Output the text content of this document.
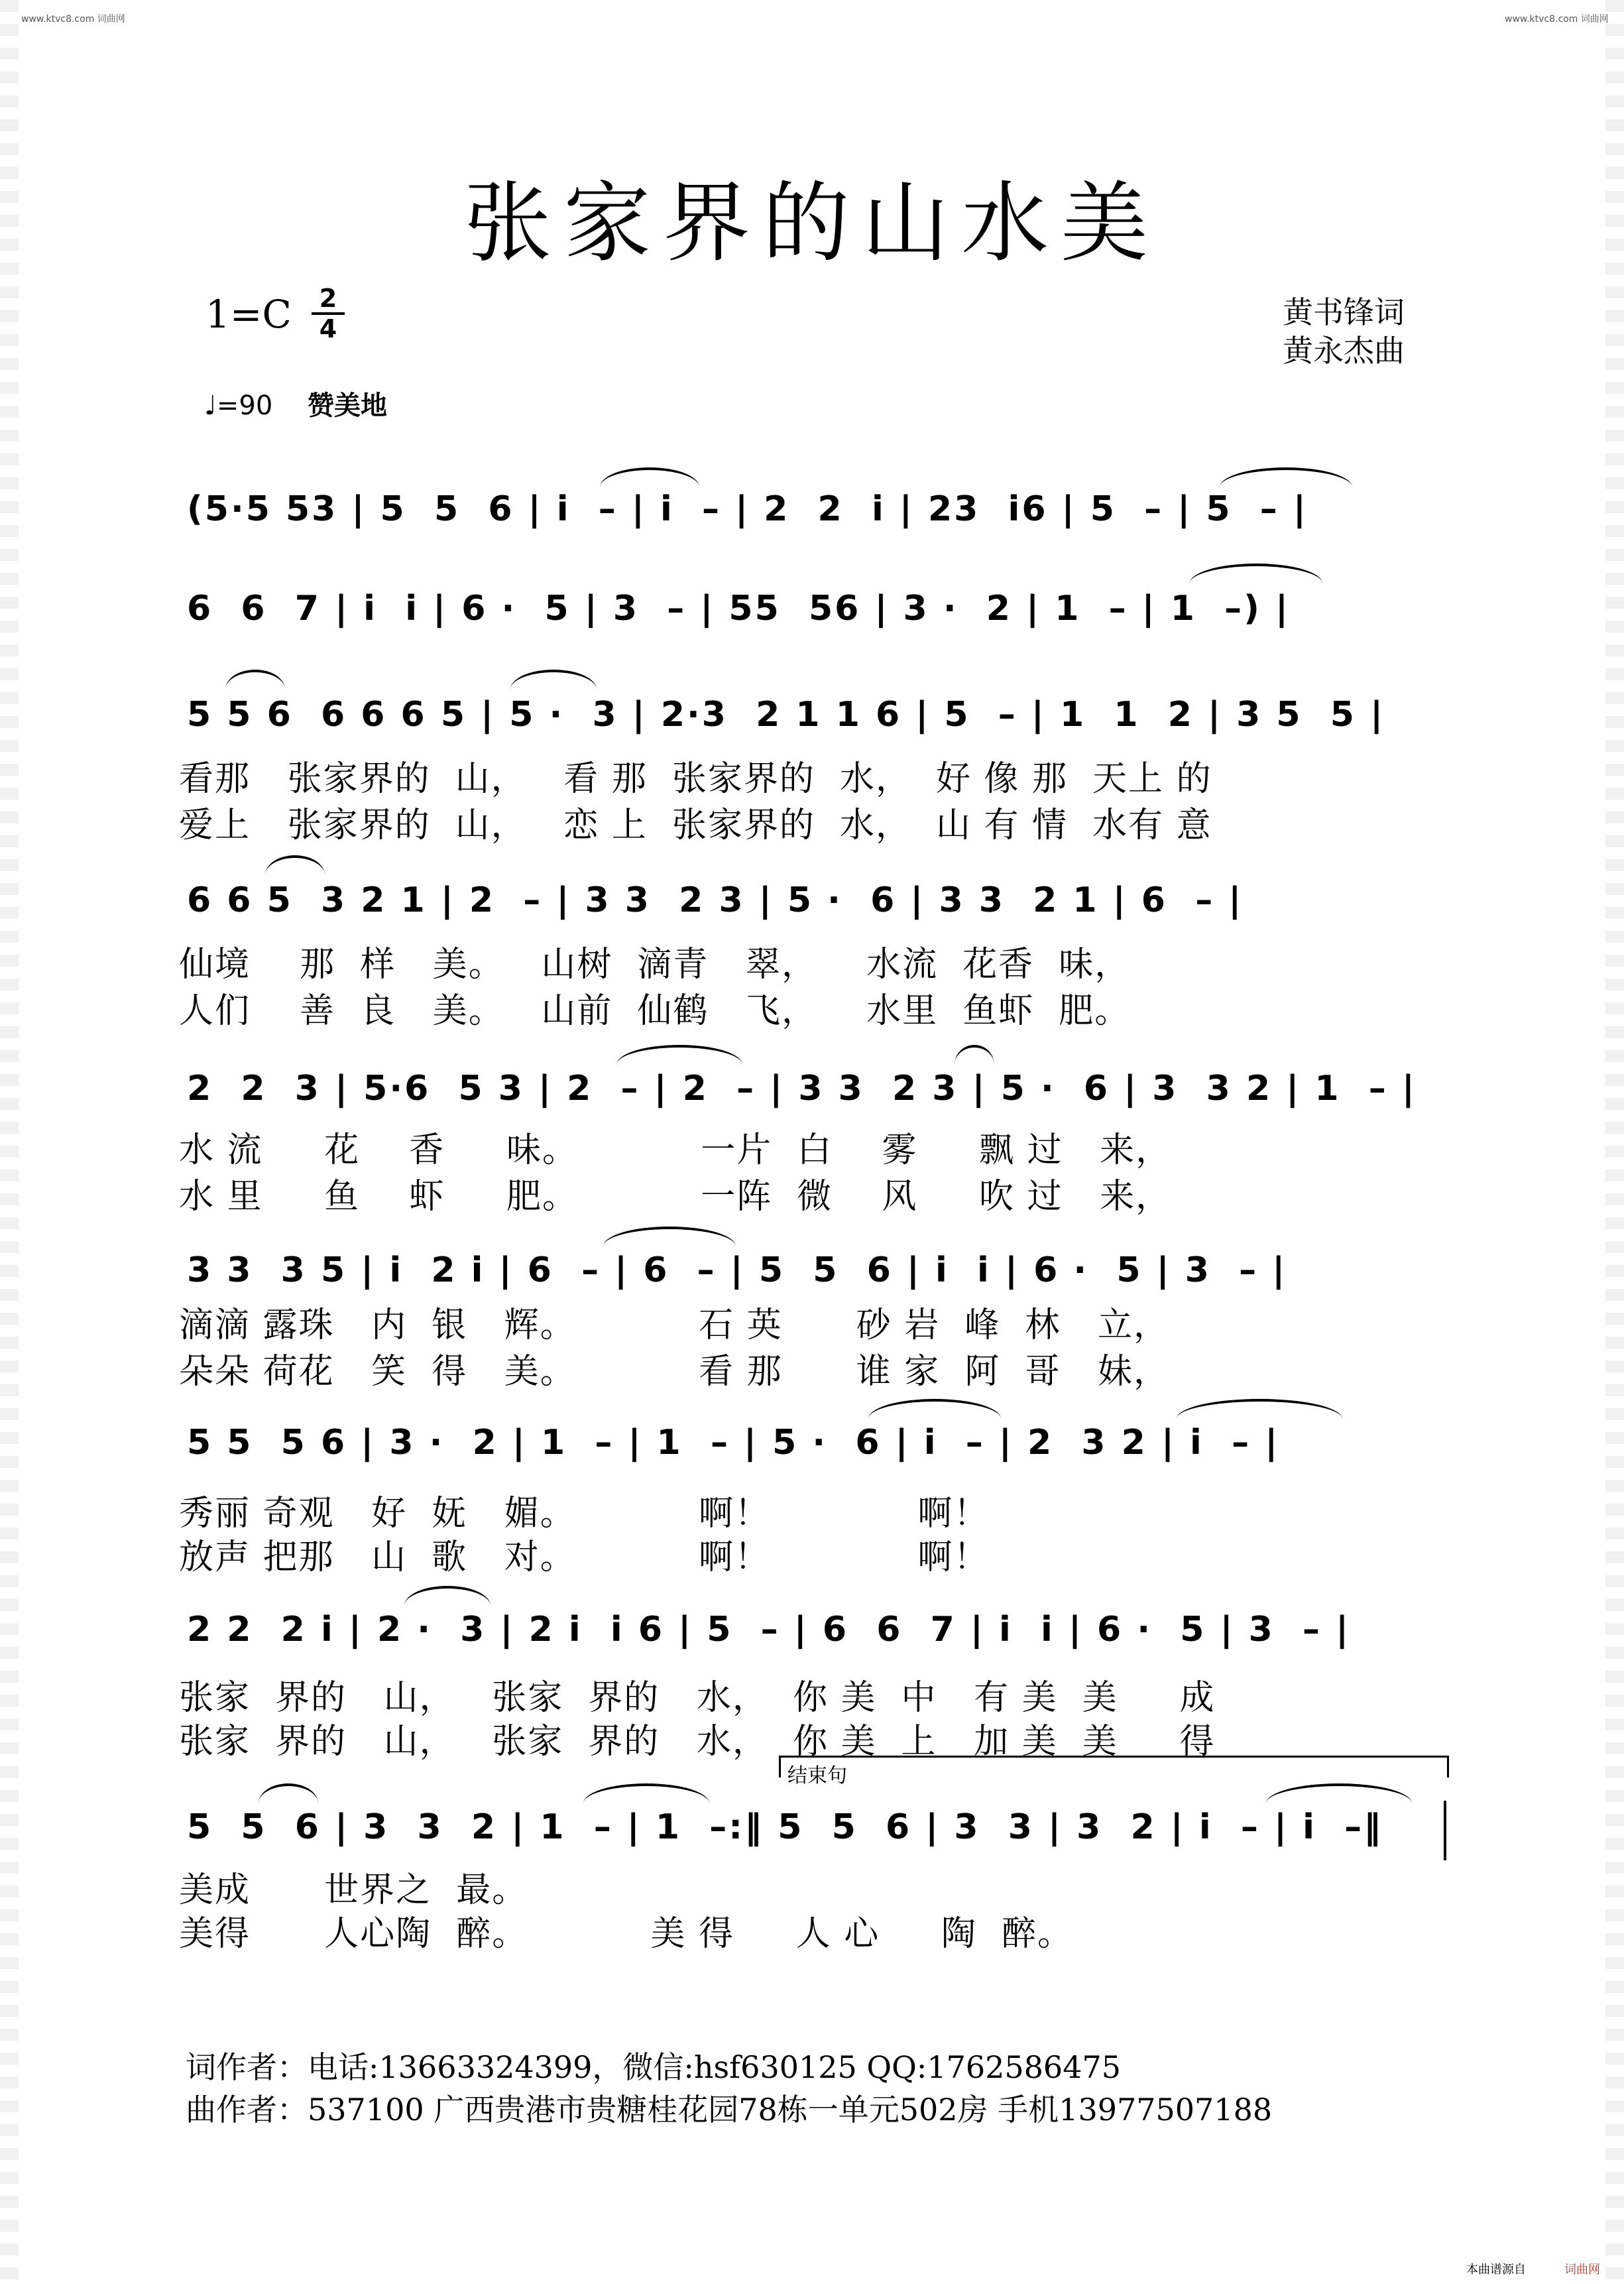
www.ktvc8.com 词曲网	www.ktvc8.com 词曲网
张家界的山水美
1=C	2
4	黄书锋词
黄永杰曲
♩=90 赞美地
(5·5 53 | 5  5  6 | i  – | i  – | 2  2  i | 23  i6 | 5  – | 5  – |
6  6  7 | i  i | 6 ·  5 | 3  – | 55  56 | 3 ·  2 | 1  – | 1  –) |
5 5 6  6 6 6 5 | 5 ·  3 | 2·3  2 1 1 6 | 5  – | 1  1  2 | 3 5  5 |
看那   张家界的  山，   看 那  张家界的  水，  好 像 那  天上 的
爱上   张家界的  山，   恋 上  张家界的  水，  山 有 情  水有 意
6 6 5  3 2 1 | 2  – | 3 3  2 3 | 5 ·  6 | 3 3  2 1 | 6  – |
仙境    那  样   美。   山树  滴青   翠，    水流  花香  味，
人们    善  良   美。   山前  仙鹤   飞，    水里  鱼虾  肥。
2  2  3 | 5·6  5 3 | 2  – | 2  – | 3 3  2 3 | 5 ·  6 | 3  3 2 | 1  – |
水 流     花    香     味。          一片  白    雾     飘 过   来，
水 里     鱼    虾     肥。          一阵  微    风     吹 过   来，
3 3  3 5 | i  2 i | 6  – | 6  – | 5  5  6 | i  i | 6 ·  5 | 3  – |
滴滴 露珠   内  银   辉。          石 英      砂 岩  峰  林   立，
朵朵 荷花   笑  得   美。          看 那      谁 家  阿  哥   妹，
5 5  5 6 | 3 ·  2 | 1  – | 1  – | 5 ·  6 | i  – | 2  3 2 | i  – |
秀丽 奇观   好  妩   媚。          啊！            啊！
放声 把那   山  歌   对。          啊！            啊！
2 2  2 i | 2 ·  3 | 2 i  i 6 | 5  – | 6  6  7 | i  i | 6 ·  5 | 3  – |
张家  界的   山，   张家  界的   水，  你 美  中   有 美  美     成
张家  界的   山，   张家  界的   水，  你 美  上   加 美  美     得
结束句
5  5  6 | 3  3  2 | 1  – | 1  –:‖ 5  5  6 | 3  3 | 3  2 | i  – | i  –‖
美成      世界之  最。
美得      人心陶  醉。          美 得     人 心     陶  醉。
词作者：电话:13663324399，微信:hsf630125 QQ:1762586475
曲作者：537100 广西贵港市贵糖桂花园78栋一单元502房 手机13977507188
本曲谱源自	词曲网
